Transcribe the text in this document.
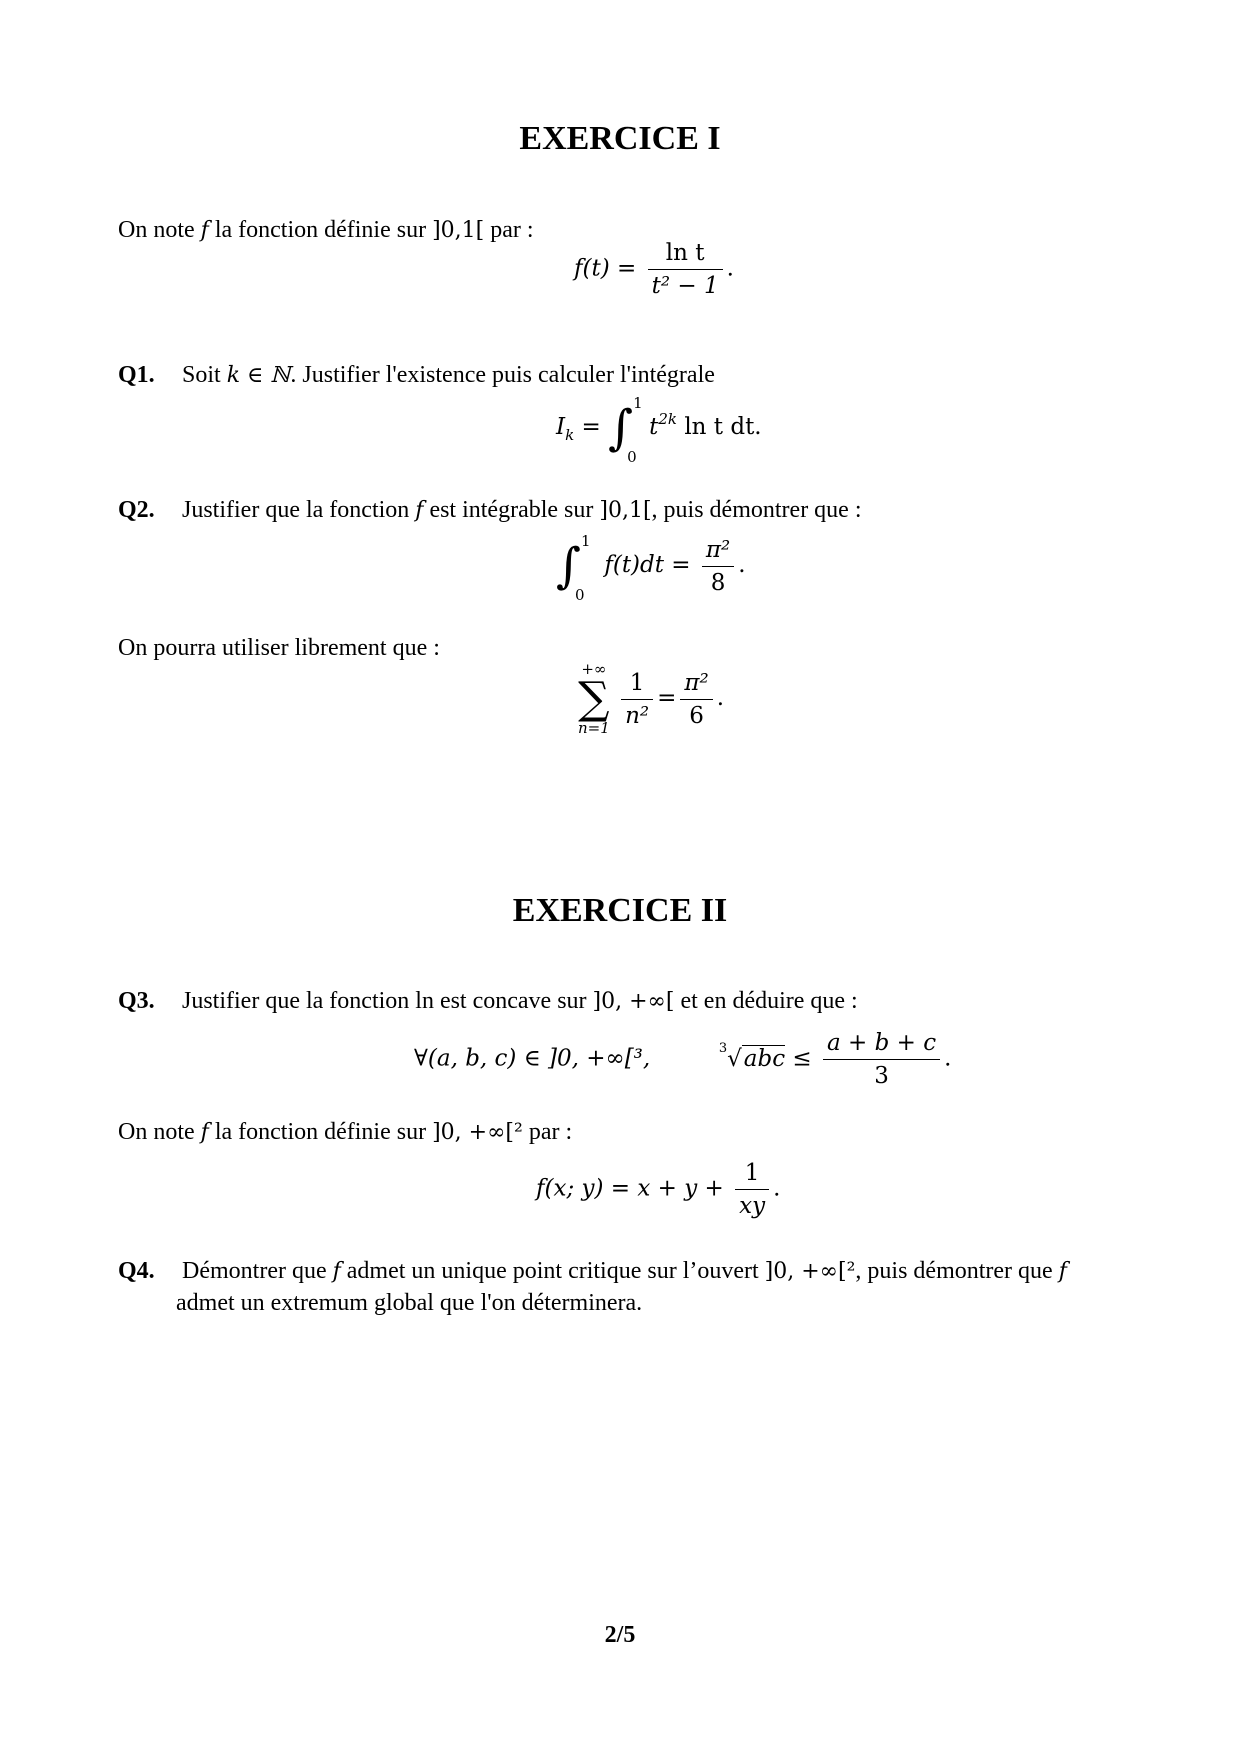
EXERCICE I
On note f la fonction définie sur ]0,1[ par :
$f(t) = \frac{\text{ln t}}{\text{t² − 1}}$ .
Q1. Soit k ∈ ℕ. Justifier l'existence puis calculer l'intégrale
$I_k$ = ∫ 1
0
$t^{2k}$ ln t dt.
Q2. Justifier que la fonction f est intégrable sur ]0,1[, puis démontrer que :
∫ 1
0
$f(t)dt = \frac{\text{π²}}{8}$ .
On pourra utiliser librement que :
+∞
∑
n=1
$\frac{1}{\text{n²}} = \frac{\text{π²}}{6}$ .
EXERCICE II
Q3. Justifier que la fonction ln est concave sur ]0, +∞[ et en déduire que :
∀(a, b, c) ∈ ]0, +∞[³,	$^3√abc \le \frac{a + b + c}{3}$ .
On note f la fonction définie sur ]0, +∞[² par :
f(x; $y) = x + y + \frac{1}{xy}$ .
Q4. Démontrer que f admet un unique point critique sur l’ouvert ]0, +∞[², puis démontrer que f
admet un extremum global que l'on déterminera.
2/5
